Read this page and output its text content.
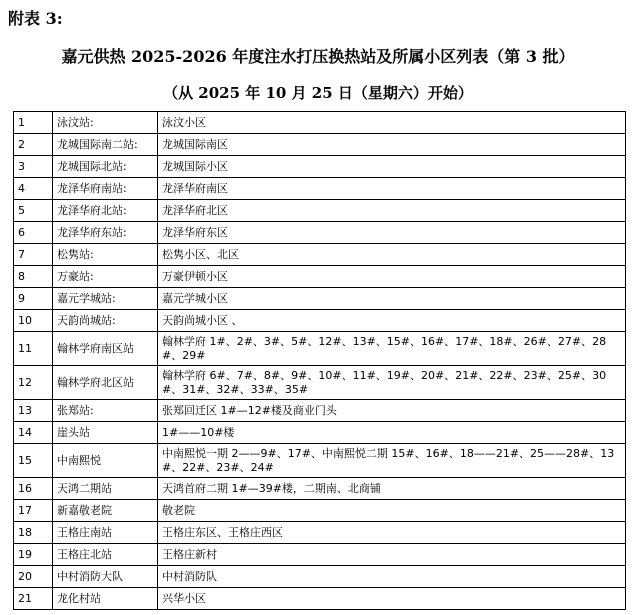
附表 3:
嘉元供热 2025-2026 年度注水打压换热站及所属小区列表（第 3 批）
（从 2025 年 10 月 25 日（星期六）开始）
1	泳汶站:	泳汶小区
2	龙城国际南二站:	龙城国际南区
3	龙城国际北站:	龙城国际小区
4	龙泽华府南站:	龙泽华府南区
5	龙泽华府北站:	龙泽华府北区
6	龙泽华府东站:	龙泽华府东区
7	松隽站:	松隽小区、北区
8	万豪站:	万豪伊顿小区
9	嘉元学城站:	嘉元学城小区
10	天韵尚城站:	天韵尚城小区 、
11	翰林学府南区站	翰林学府 1#、2#、3#、5#、12#、13#、15#、16#、17#、18#、26#、27#、28#、29#
12	翰林学府北区站	翰林学府 6#、7#、8#、9#、10#、11#、19#、20#、21#、22#、23#、25#、30#、31#、32#、33#、35#
13	张郑站:	张郑回迁区 1#—12#楼及商业门头
14	崖头站	1#——10#楼
15	中南熙悦	中南熙悦一期 2——9#、17#、中南熙悦二期 15#、16#、18——21#、25——28#、13#、22#、23#、24#
16	天鸿二期站	天鸿首府二期 1#—39#楼，二期南、北商铺
17	新嘉敬老院	敬老院
18	王格庄南站	王格庄东区、王格庄西区
19	王格庄北站	王格庄新村
20	中村消防大队	中村消防队
21	龙化村站	兴华小区
